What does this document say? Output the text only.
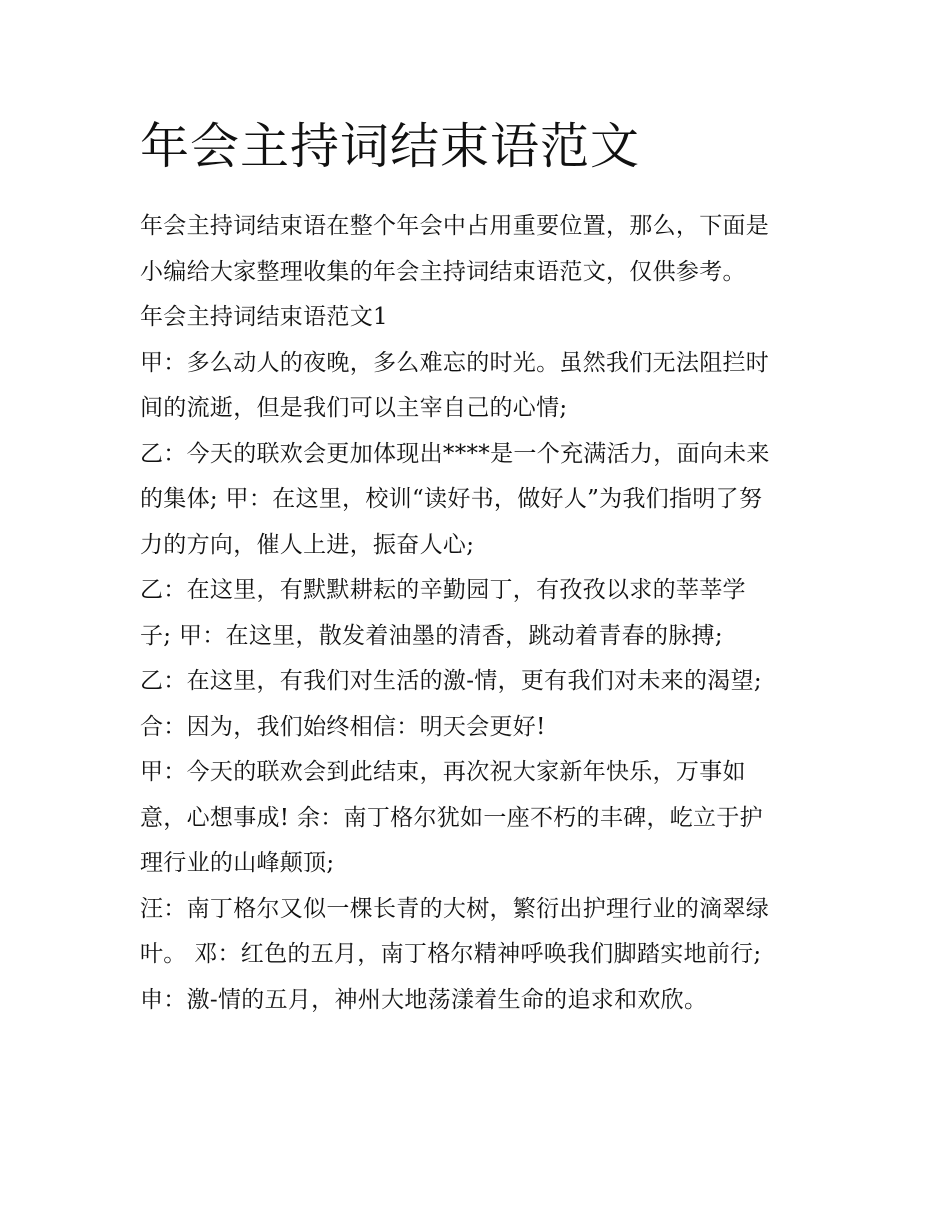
年会主持词结束语范文

年会主持词结束语在整个年会中占用重要位置，那么，下面是

小编给大家整理收集的年会主持词结束语范文，仅供参考。

年会主持词结束语范文1

甲：多么动人的夜晚，多么难忘的时光。虽然我们无法阻拦时

间的流逝，但是我们可以主宰自己的心情;

乙：今天的联欢会更加体现出****是一个充满活力，面向未来

的集体; 甲：在这里，校训“读好书，做好人”为我们指明了努

力的方向，催人上进，振奋人心;

乙：在这里，有默默耕耘的辛勤园丁，有孜孜以求的莘莘学

子; 甲：在这里，散发着油墨的清香，跳动着青春的脉搏;

乙：在这里，有我们对生活的激-情，更有我们对未来的渴望;

合：因为，我们始终相信：明天会更好!

甲：今天的联欢会到此结束，再次祝大家新年快乐，万事如

意，心想事成! 余：南丁格尔犹如一座不朽的丰碑，屹立于护

理行业的山峰颠顶;

汪：南丁格尔又似一棵长青的大树，繁衍出护理行业的滴翠绿

叶。 邓：红色的五月，南丁格尔精神呼唤我们脚踏实地前行;

申：激-情的五月，神州大地荡漾着生命的追求和欢欣。
